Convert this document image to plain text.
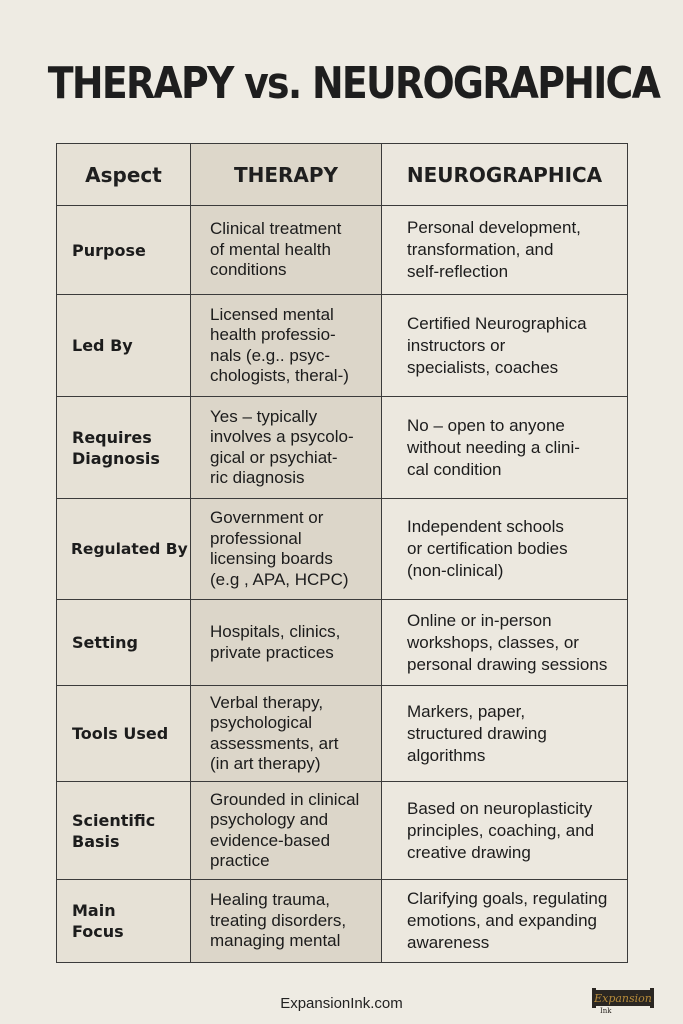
THERAPY vs. NEUROGRAPHICA
Aspect	THERAPY	NEUROGRAPHICA

Purpose	Clinical treatment
of mental health
conditions	Personal development,
transformation, and
self-reflection

Led By	Licensed mental
health professio-
nals (e.g.. psyc-
chologists, theral-)	Certified Neurographica
instructors or
specialists, coaches

Requires
Diagnosis	Yes – typically
involves a psycolo-
gical or psychiat-
ric diagnosis	No – open to anyone
without needing a clini-
cal condition

Regulated By	Government or
professional
licensing boards
(e.g , APA, HCPC)	Independent schools
or certification bodies
(non-clinical)

Setting	Hospitals, clinics,
private practices	Online or in-person
workshops, classes, or
personal drawing sessions

Tools Used	Verbal therapy,
psychological
assessments, art
(in art therapy)	Markers, paper,
structured drawing
algorithms

Scientific
Basis	Grounded in clinical
psychology and
evidence-based
practice	Based on neuroplasticity
principles, coaching, and
creative drawing

Main
Focus	Healing trauma,
treating disorders,
managing mental	Clarifying goals, regulating
emotions, and expanding
awareness
ExpansionInk.com	Expansion
Ink
